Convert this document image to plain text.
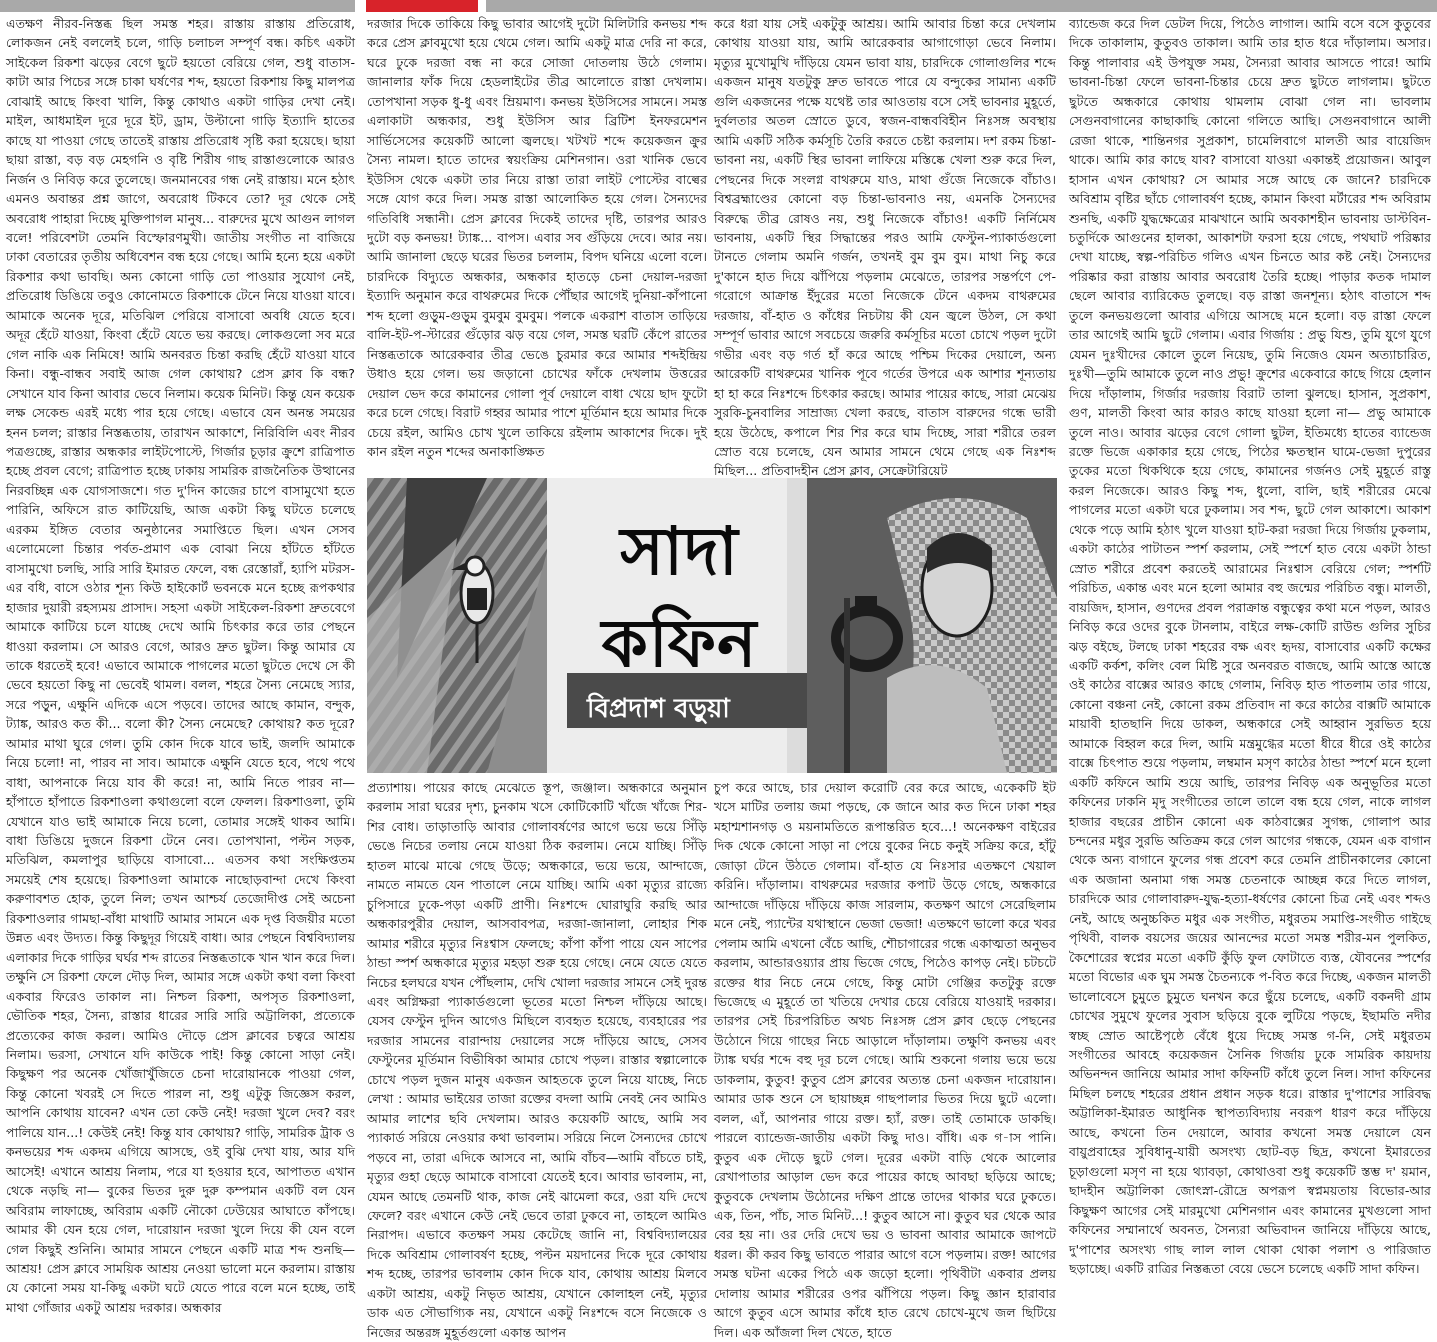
এতক্ষণ নীরব-নিস্তব্ধ ছিল সমস্ত শহর। রাস্তায় রাস্তায় প্রতিরোধ, লোকজন নেই বললেই চলে, গাড়ি চলাচল সম্পূর্ণ বন্ধ। কচিৎ একটা সাইকেল রিকশা ঝড়ের বেগে ছুটে হয়তো বেরিয়ে গেল, শুধু বাতাস-কাটা আর পিচের সঙ্গে চাকা ঘর্ষণের শব্দ, হয়তো রিকশায় কিছু মালপত্র বোঝাই আছে কিংবা খালি, কিন্তু কোথাও একটা গাড়ির দেখা নেই। মাইল, আধমাইল দূরে দূরে ইট, ড্রাম, উল্টানো গাড়ি ইত্যাদি হাতের কাছে যা পাওয়া গেছে তাতেই রাস্তায় প্রতিরোধ সৃষ্টি করা হয়েছে। ছায়া ছায়া রাস্তা, বড় বড় মেহগনি ও বৃষ্টি শিরীষ গাছ রাস্তাগুলোকে আরও নির্জন ও নিবিড় করে তুলেছে। জনমানবের গন্ধ নেই রাস্তায়। মনে হঠাৎ এমনও অবান্তর প্রশ্ন জাগে, অবরোধ টিকবে তো? দূর থেকে সেই অবরোধ পাহারা দিচ্ছে মুক্তিপাগল মানুষ... বারুদের মুখে আগুন লাগল বলে! পরিবেশটা তেমনি বিস্ফোরণমুখী। জাতীয় সংগীত না বাজিয়ে ঢাকা বেতারের তৃতীয় অধিবেশন বন্ধ হয়ে গেছে। আমি হন্যে হয়ে একটা রিকশার কথা ভাবছি। অন্য কোনো গাড়ি তো পাওয়ার সুযোগ নেই, প্রতিরোধ ডিঙিয়ে তবুও কোনোমতে রিকশাকে টেনে নিয়ে যাওয়া যাবে। আমাকে অনেক দূরে, মতিঝিল পেরিয়ে বাসাবো অবধি যেতে হবে। অদূর হেঁটে যাওয়া, কিংবা হেঁটে যেতে ভয় করছে। লোকগুলো সব মরে গেল নাকি এক নিমিষে! আমি অনবরত চিন্তা করছি হেঁটে যাওয়া যাবে কিনা। বন্ধু-বান্ধব সবাই আজ গেল কোথায়? প্রেস ক্লাব কি বন্ধ? সেখানে যাব কিনা আবার ভেবে নিলাম। কয়েক মিনিট। কিন্তু যেন কয়েক লক্ষ সেকেন্ড এরই মধ্যে পার হয়ে গেছে। এভাবে যেন অনন্ত সময়ের হনন চলল; রাস্তার নিস্তব্ধতায়, তারাখন আকাশে, নিরিবিলি এবং নীরব পত্রগুচ্ছে, রাস্তার অন্ধকার লাইটপোস্টে, গির্জার চূড়ার ক্রুশে রাত্রিপাত হচ্ছে প্রবল বেগে; রাত্রিপাত হচ্ছে ঢাকায় সামরিক রাজনৈতিক উত্থানের নিরবচ্ছিন্ন এক যোগসাজশে। গত দু'দিন কাজের চাপে বাসামুখো হতে পারিনি, অফিসে রাত কাটিয়েছি, আজ একটা কিছু ঘটতে চলেছে এরকম ইঙ্গিত বেতার অনুষ্ঠানের সমাপ্তিতে ছিল। এখন সেসব এলোমেলো চিন্তার পর্বত-প্রমাণ এক বোঝা নিয়ে হাঁটতে হাঁটতে বাসামুখো চলছি, সারি সারি ইমারত ফেলে, বন্ধ রেস্তোরাঁ, হ্যাপি মটরস-এর বধি, বাসে ওঠার শূন্য কিউ হাইকোর্ট ভবনকে মনে হচ্ছে রূপকথার হাজার দুয়ারী রহস্যময় প্রাসাদ। সহসা একটা সাইকেল-রিকশা দ্রুতবেগে আমাকে কাটিয়ে চলে যাচ্ছে দেখে আমি চিৎকার করে তার পেছনে ধাওয়া করলাম। সে আরও বেগে, আরও দ্রুত ছুটল। কিন্তু আমার যে তাকে ধরতেই হবে! এভাবে আমাকে পাগলের মতো ছুটতে দেখে সে কী ভেবে হয়তো কিছু না ভেবেই থামল। বলল, শহরে সৈন্য নেমেছে স্যার, সরে পড়ুন, এক্ষুনি এদিকে এসে পড়বে। তাদের আছে কামান, বন্দুক, ট্যাঙ্ক, আরও কত কী... বলো কী? সৈন্য নেমেছে? কোথায়? কত দূরে? আমার মাথা ঘুরে গেল। তুমি কোন দিকে যাবে ভাই, জলদি আমাকে নিয়ে চলো! না, পারব না সাব। আমাকে এক্ষুনি যেতে হবে, পথে পথে বাধা, আপনাকে নিয়ে যাব কী করে! না, আমি নিতে পারব না— হাঁপাতে হাঁপাতে রিকশাওলা কথাগুলো বলে ফেলল। রিকশাওলা, তুমি যেখানে যাও ভাই আমাকে নিয়ে চলো, তোমার সঙ্গেই থাকব আমি। বাধা ডিঙিয়ে দুজনে রিকশা টেনে নেব। তোপখানা, পল্টন সড়ক, মতিঝিল, কমলাপুর ছাড়িয়ে বাসাবো... এতসব কথা সংক্ষিপ্ততম সময়েই শেষ হয়েছে। রিকশাওলা আমাকে নাছোড়বান্দা দেখে কিংবা করুণাবশত হোক, তুলে নিল; তখন আশ্চর্য তেজোদীপ্ত সেই অচেনা রিকশাওলার গামছা-বাঁধা মাথাটি আমার সামনে এক দৃপ্ত বিজয়ীর মতো উন্নত এবং উদ্যত। কিন্তু কিছুদূর গিয়েই বাধা। আর পেছনে বিশ্ববিদ্যালয় এলাকার দিকে গাড়ির ঘর্ঘর শব্দ রাতের নিস্তব্ধতাকে খান খান করে দিল। তক্ষুনি সে রিকশা ফেলে দৌড় দিল, আমার সঙ্গে একটা কথা বলা কিংবা একবার ফিরেও তাকাল না। নিশ্চল রিকশা, অপসৃত রিকশাওলা, ভৌতিক শহর, সৈন্য, রাস্তার ধারের সারি সারি অট্টালিকা, প্রত্যেকে প্রত্যেকের কাজ করল। আমিও দৌড়ে প্রেস ক্লাবের চত্বরে আশ্রয় নিলাম। ভরসা, সেখানে যদি কাউকে পাই! কিন্তু কোনো সাড়া নেই। কিছুক্ষণ পর অনেক খোঁজাখুঁজিতে চেনা দারোয়ানকে পাওয়া গেল, কিন্তু কোনো খবরই সে দিতে পারল না, শুধু এটুকু জিজ্ঞেস করল, আপনি কোথায় যাবেন? এখন তো কেউ নেই! দরজা খুলে দেব? বরং পালিয়ে যান...! কেউই নেই! কিন্তু যাব কোথায়? গাড়ি, সামরিক ট্রাক ও কনভয়ের শব্দ একদম এগিয়ে আসছে, ওই বুঝি দেখা যায়, আর যদি আসেই! এখানে আশ্রয় নিলাম, পরে যা হওয়ার হবে, আপাতত এখান থেকে নড়ছি না— বুকের ভিতর দুরু দুরু কম্পমান একটি বল যেন অবিরাম লাফাচ্ছে, অবিরাম একটি নৌকো ঢেউয়ের আঘাতে কাঁপছে। আমার কী যেন হয়ে গেল, দারোয়ান দরজা খুলে দিয়ে কী যেন বলে গেল কিছুই শুনিনি। আমার সামনে পেছনে একটি মাত্র শব্দ শুনছি—আশ্রয়! প্রেস ক্লাবে সাময়িক আশ্রয় নেওয়া ভালো মনে করলাম। রাস্তায় যে কোনো সময় যা-কিছু একটা ঘটে যেতে পারে বলে মনে হচ্ছে, তাই মাথা গোঁজার একটু আশ্রয় দরকার। অন্ধকার

দরজার দিকে তাকিয়ে কিছু ভাবার আগেই দুটো মিলিটারি কনভয় শব্দ করে প্রেস ক্লাবমুখো হয়ে থেমে গেল। আমি একটু মাত্র দেরি না করে, ঘরে ঢুকে দরজা বন্ধ না করে সোজা দোতলায় উঠে গেলাম। জানালার ফাঁক দিয়ে হেডলাইটের তীব্র আলোতে রাস্তা দেখলাম। তোপখানা সড়ক ধু-ধু এবং ম্রিয়মাণ। কনভয় ইউসিসের সামনে। সমস্ত এলাকাটা অন্ধকার, শুধু ইউসিস আর ব্রিটিশ ইনফরমেশন সার্ভিসেসের কয়েকটি আলো জ্বলছে। খটখট শব্দে কয়েকজন ক্রুর সৈন্য নামল। হাতে তাদের স্বয়ংক্রিয় মেশিনগান। ওরা খানিক ভেবে ইউসিস থেকে একটা তার নিয়ে রাস্তা তারা লাইট পোস্টের বাল্বের সঙ্গে যোগ করে দিল। সমস্ত রাস্তা আলোকিত হয়ে গেল। সৈন্যদের গতিবিধি সন্ধানী। প্রেস ক্লাবের দিকেই তাদের দৃষ্টি, তারপর আরও দুটো বড় কনভয়! ট্যাঙ্ক... বাপস। এবার সব গুঁড়িয়ে দেবে। আর নয়। আমি জানালা ছেড়ে ঘরের ভিতর চললাম, বিপদ ঘনিয়ে এলো বলে। চারদিকে বিদ্যুতে অন্ধকার, অন্ধকার হাতড়ে চেনা দেয়াল-দরজা ইত্যাদি অনুমান করে বাথরুমের দিকে পৌঁছার আগেই দুনিয়া-কাঁপানো শব্দ হলো গুড়ুম-গুড়ুম বুমবুম বুমবুম। পলকে একরাশ বাতাস তাড়িয়ে বালি-ইট-প-স্টারের গুঁড়োর ঝড় বয়ে গেল, সমস্ত ঘরটি কেঁপে রাতের নিস্তব্ধতাকে আরেকবার তীব্র ভেঙে চুরমার করে আমার শব্দইন্দ্রিয় উধাও হয়ে গেল। ভয় জড়ানো চোখের ফাঁকে দেখলাম উত্তরের দেয়াল ভেদ করে কামানের গোলা পূর্ব দেয়ালে বাধা খেয়ে ছাদ ফুটো করে চলে গেছে। বিরাট গহ্বর আমার পাশে মূর্তিমান হয়ে আমার দিকে চেয়ে রইল, আমিও চোখ খুলে তাকিয়ে রইলাম আকাশের দিকে। দুই কান রইল নতুন শব্দের অনাকাঙ্ক্ষিত

করে ধরা যায় সেই একটুকু আশ্রয়। আমি আবার চিন্তা করে দেখলাম কোথায় যাওয়া যায়, আমি আরেকবার আগাগোড়া ভেবে নিলাম। মৃত্যুর মুখোমুখি দাঁড়িয়ে যেমন ভাবা যায়, চারদিকে গোলাগুলির শব্দে একজন মানুষ যতটুকু দ্রুত ভাবতে পারে যে বন্দুকের সামান্য একটি গুলি একজনের পক্ষে যথেষ্ট তার আওতায় বসে সেই ভাবনার মুহূর্তে, দুর্বলতার অতল স্রোতে ডুবে, স্বজন-বান্ধববিহীন নিঃসঙ্গ অবস্থায় আমি একটি সঠিক কর্মসূচি তৈরি করতে চেষ্টা করলাম। দশ রকম চিন্তা-ভাবনা নয়, একটি স্থির ভাবনা লাফিয়ে মস্তিষ্কে খেলা শুরু করে দিল, পেছনের দিকে সংলগ্ন বাথরুমে যাও, মাথা গুঁজে নিজেকে বাঁচাও। বিশ্বব্রহ্মাণ্ডের কোনো বড় চিন্তা-ভাবনাও নয়, এমনকি সৈন্যদের বিরুদ্ধে তীব্র রোষও নয়, শুধু নিজেকে বাঁচাও! একটি নির্নিমেষ ভাবনায়, একটি স্থির সিদ্ধান্তের পরও আমি ফেস্টুন-প্যাকার্ডগুলো টানতে গেলাম অমনি গর্জন, তখনই বুম বুম বুম। মাথা নিচু করে দু'কানে হাত দিয়ে ঝাঁপিয়ে পড়লাম মেঝেতে, তারপর সন্তর্পণে পে-গরোগে আক্রান্ত ইঁদুরের মতো নিজেকে টেনে একদম বাথরুমের দরজায়, বাঁ-হাত ও কাঁধের নিচটায় কী যেন জ্বলে উঠল, সে কথা সম্পূর্ণ ভাবার আগে সবচেয়ে জরুরি কর্মসূচির মতো চোখে পড়ল দুটো গভীর এবং বড় গর্ত হাঁ করে আছে পশ্চিম দিকের দেয়ালে, অন্য আরেকটি বাথরুমের খানিক পূবে গর্তের উপরে এক আশার শূন্যতায় হা হা করে নিঃশব্দে চিৎকার করছে। আমার পায়ের কাছে, সারা মেঝেয় সুরকি-চুনবালির সাম্রাজ্য খেলা করছে, বাতাস বারুদের গন্ধে ভারী হয়ে উঠেছে, কপালে শির শির করে ঘাম দিচ্ছে, সারা শরীরে তরল স্রোত বয়ে চলেছে, যেন আমার সামনে থেমে গেছে এক নিঃশব্দ মিছিল... প্রতিবাদহীন প্রেস ক্লাব, সেক্রেটারিয়েট

ব্যান্ডেজ করে দিল ডেটল দিয়ে, পিঠেও লাগাল। আমি বসে বসে কুতুবের দিকে তাকালাম, কুতুবও তাকাল। আমি তার হাত ধরে দাঁড়ালাম। অসার। কিন্তু পালাবার এই উপযুক্ত সময়, সৈন্যরা আবার আসতে পারে! আমি ভাবনা-চিন্তা ফেলে ভাবনা-চিন্তার চেয়ে দ্রুত ছুটতে লাগলাম। ছুটতে ছুটতে অন্ধকারে কোথায় থামলাম বোঝা গেল না। ভাবলাম সেগুনবাগানের কাছাকাছি কোনো গলিতে আছি। সেগুনবাগানে আলী রেজা থাকে, শান্তিনগর সুপ্রকাশ, চামেলিবাগে মালতী আর বায়েজিদ থাকে। আমি কার কাছে যাব? বাসাবো যাওয়া একান্তই প্রয়োজন। আবুল হাসান এখন কোথায়? সে আমার সঙ্গে আছে কে জানে? চারদিকে অবিশ্রাম বৃষ্টির ছাঁচে গোলাবর্ষণ হচ্ছে, কামান কিংবা মর্টারের শব্দ অবিরাম শুনছি, একটি যুদ্ধক্ষেত্রের মাঝখানে আমি অবকাশহীন ভাবনায় ডাস্টবিন-চতুর্দিকে আগুনের হালকা, আকাশটা ফরসা হয়ে গেছে, পথঘাট পরিষ্কার দেখা যাচ্ছে, স্বল্প-পরিচিত গলিও এখন চিনতে আর কষ্ট নেই। সৈন্যদের পরিষ্কার করা রাস্তায় আবার অবরোধ তৈরি হচ্ছে। পাড়ার কতক দামাল ছেলে আবার ব্যারিকেড তুলছে। বড় রাস্তা জনশূন্য। হঠাৎ বাতাসে শব্দ তুলে কনভয়গুলো আবার এগিয়ে আসছে মনে হলো। বড় রাস্তা ফেলে তার আগেই আমি ছুটে গেলাম। এবার গির্জায় : প্রভু যিশু, তুমি যুগে যুগে যেমন দুঃখীদের কোলে তুলে নিয়েছ, তুমি নিজেও যেমন অত্যাচারিত, দুঃখী—তুমি আমাকে তুলে নাও প্রভু! ক্রুশের একেবারে কাছে গিয়ে হেলান দিয়ে দাঁড়ালাম, গির্জার দরজায় বিরাট তালা ঝুলছে। হাসান, সুপ্রকাশ, গুণ, মালতী কিংবা আর কারও কাছে যাওয়া হলো না— প্রভু আমাকে তুলে নাও। আবার ঝড়ের বেগে গোলা ছুটল, ইতিমধ্যে হাতের ব্যান্ডেজ রক্তে ভিজে একাকার হয়ে গেছে, পিঠের ক্ষতস্থান ঘামে-ভেজা দুপুরের তুকের মতো থিকথিকে হয়ে গেছে, কামানের গর্জনও সেই মুহূর্তে রাস্তু করল নিজেকে। আরও কিছু শব্দ, ধুলো, বালি, ছাই শরীরের মেঝে পাগলের মতো একটা ঘরে ঢুকলাম। সব শব্দ, ছুটে গেল আকাশে। আকাশ থেকে পড়ে আমি হঠাৎ খুলে যাওয়া হাট-করা দরজা দিয়ে গির্জায় ঢুকলাম, একটা কাঠের পাটাতন স্পর্শ করলাম, সেই স্পর্শে হাত বেয়ে একটা ঠান্ডা স্রোত শরীরে প্রবেশ করতেই আরামের নিঃশ্বাস বেরিয়ে গেল; স্পর্শটি পরিচিত, একান্ত এবং মনে হলো আমার বহু জন্মের পরিচিত বন্ধু। মালতী, বায়জিদ, হাসান, গুণদের প্রবল পরাক্রান্ত বন্ধুত্বের কথা মনে পড়ল, আরও নিবিড় করে ওদের বুকে টানলাম, বাইরে লক্ষ-কোটি রাউন্ড গুলির সুচির ঝড় বইছে, টলছে ঢাকা শহরের বক্ষ এবং হৃদয়, বাসাবোর একটি কক্ষের একটি কর্কশ, কলিং বেল মিষ্টি সুরে অনবরত বাজছে, আমি আস্তে আস্তে ওই কাঠের বাক্সের আরও কাছে গেলাম, নিবিড় হাত পাতলাম তার গায়ে, কোনো বঞ্চনা নেই, কোনো রকম প্রতিবাদ না করে কাঠের বাক্সটি আমাকে মায়াবী হাতছানি দিয়ে ডাকল, অন্ধকারে সেই আহ্বান সুরভিত হয়ে আমাকে বিহ্বল করে দিল, আমি মন্ত্রমুগ্ধের মতো ধীরে ধীরে ওই কাঠের বাক্সে চিৎপাত শুয়ে পড়লাম, লম্বমান মসৃণ কাঠের ঠান্ডা স্পর্শে মনে হলো একটি কফিনে আমি শুয়ে আছি, তারপর নিবিড় এক অনুভূতির মতো কফিনের ঢাকনি মৃদু সংগীতের তালে তালে বন্ধ হয়ে গেল, নাকে লাগল হাজার বছরের প্রাচীন কোনো এক কাঠবাক্সের সুগন্ধ, গোলাপ আর চন্দনের মধুর সুরভি অতিক্রম করে গেল আগের গন্ধকে, যেমন এক বাগান থেকে অন্য বাগানে ফুলের গন্ধ প্রবেশ করে তেমনি প্রাচীনকালের কোনো এক অজানা অনামা গন্ধ সমস্ত চেতনাকে আচ্ছন্ন করে দিতে লাগল, চারদিকে আর গোলাবারুদ-যুদ্ধ-হত্যা-ধর্ষণের কোনো চিত্র নেই এবং শব্দও নেই, আছে অনুচ্চকিত মধুর এক সংগীত, মধুরতম সমাপ্তি-সংগীত গাইছে পৃথিবী, বালক বয়সের জয়ের আনন্দের মতো সমস্ত শরীর-মন পুলকিত, কৈশোরের স্বপ্নের মতো একটি কুঁড়ি ফুল ফোটাতে ব্যস্ত, যৌবনের স্পর্শের মতো বিভোর এক ঘুম সমস্ত চৈতন্যকে প-বিত করে দিচ্ছে, একজন মালতী ভালোবেসে চুমুতে চুমুতে ঘনখন করে ছুঁয়ে চলেছে, একটি বকনদী গ্রাম চোখের সুমুখে ফুলের সুবাস ছড়িয়ে বুকে লুটিয়ে পড়ছে, ইছামতি নদীর স্বচ্ছ স্রোত আষ্টেপৃষ্ঠে বেঁধে ধুয়ে দিচ্ছে সমস্ত গ-নি, সেই মধুরতম সংগীতের আবহে কয়েকজন সৈনিক গির্জায় ঢুকে সামরিক কায়দায় অভিনন্দন জানিয়ে আমার সাদা কফিনটি কাঁধে তুলে নিল। সাদা কফিনের মিছিল চলছে শহরের প্রধান প্রধান সড়ক ধরে। রাস্তার দু'পাশের সারিবদ্ধ অট্টালিকা-ইমারত আধুনিক স্থাপত্যবিদ্যায় নবরূপ ধারণ করে দাঁড়িয়ে আছে, কখনো তিন দেয়ালে, আবার কখনো সমস্ত দেয়ালে যেন বায়ুপ্রবাহের সুবিধানু-যায়ী অসংখ্য ছোট-বড় ছিদ্র, কখনো ইমারতের চূড়াগুলো মসৃণ না হয়ে থ্যাবড়া, কোথাওবা শুধু কয়েকটি স্তম্ভ দ' য়মান, ছাদহীন অট্টালিকা জোৎস্না-রৌদ্রে অপরূপ স্বপ্নময়তায় বিভোর-আর কিছুক্ষণ আগের সেই মারমুখো মেশিনগান এবং কামানের মুখগুলো সাদা কফিনের সম্মানার্থে অবনত, সৈন্যরা অভিবাদন জানিয়ে দাঁড়িয়ে আছে, দু'পাশের অসংখ্য গাছ লাল লাল থোকা থোকা পলাশ ও পারিজাত ছড়াচ্ছে। একটি রাত্রির নিস্তব্ধতা বেয়ে ভেসে চলেছে একটি সাদা কফিন।

সাদা
কফিন
বিপ্রদাশ বড়ুয়া

প্রত্যাশায়। পায়ের কাছে মেঝেতে স্তূপ, জঞ্জাল। অন্ধকারে অনুমান করলাম সারা ঘরের দৃশ্য, চুনকাম খসে কোটিকোটি খাঁজে খাঁজে শির-শির বোধ। তাড়াতাড়ি আবার গোলাবর্ষণের আগে ভয়ে ভয়ে সিঁড়ি ভেঙে নিচের তলায় নেমে যাওয়া ঠিক করলাম। নেমে যাচ্ছি। সিঁড়ি হাতল মাঝে মাঝে গেছে উড়ে; অন্ধকারে, ভয়ে ভয়ে, আন্দাজে, নামতে নামতে যেন পাতালে নেমে যাচ্ছি। আমি একা মৃত্যুর রাজ্যে চুপিসারে ঢুকে-পড়া একটি প্রাণী। নিঃশব্দে ঘোরাঘুরি করছি আর অন্ধকারপুরীর দেয়াল, আসবাবপত্র, দরজা-জানালা, লোহার শিক আমার শরীরে মৃত্যুর নিঃশ্বাস ফেলছে; কাঁপা কাঁপা পায়ে যেন সাপের ঠান্ডা স্পর্শ অন্ধকারে মৃত্যুর মহড়া শুরু হয়ে গেছে। নেমে যেতে যেতে নিচের হলঘরে যখন পৌঁছলাম, দেখি খোলা দরজার সামনে সেই দুরন্ত এবং অগ্নিক্ষরা প্যাকার্ডগুলো ভূতের মতো নিশ্চল দাঁড়িয়ে আছে। যেসব ফেস্টুন দুদিন আগেও মিছিলে ব্যবহৃত হয়েছে, ব্যবহারের পর দরজার সামনের বারান্দায় দেয়ালের সঙ্গে দাঁড়িয়ে আছে, সেসব ফেস্টুনের মূর্তিমান বিভীষিকা আমার চোখে পড়ল। রাস্তার স্বল্পালোকে চোখে পড়ল দুজন মানুষ একজন আহতকে তুলে নিয়ে যাচ্ছে, নিচে লেখা : আমার ভাইয়ের তাজা রক্তের বদলা আমি নেবই নেব আমিও আমার লাশের ছবি দেখলাম। আরও কয়েকটি আছে, আমি সব প্যাকার্ড সরিয়ে নেওয়ার কথা ভাবলাম। সরিয়ে নিলে সৈন্যদের চোখে পড়বে না, তারা এদিকে আসবে না, আমি বাঁচব—আমি বাঁচতে চাই, মৃত্যুর গুহা ছেড়ে আমাকে বাসাবো যেতেই হবে। আবার ভাবলাম, না, যেমন আছে তেমনটি থাক, কাজ নেই ঝামেলা করে, ওরা যদি দেখে ফেলে? বরং এখানে কেউ নেই ভেবে তারা ঢুকবে না, তাহলে আমিও নিরাপদ। এভাবে কতক্ষণ সময় কেটেছে জানি না, বিশ্ববিদ্যালয়ের দিকে অবিশ্রাম গোলাবর্ষণ হচ্ছে, পল্টন ময়দানের দিকে দূরে কোথায় শব্দ হচ্ছে, তারপর ভাবলাম কোন দিকে যাব, কোথায় আশ্রয় মিলবে একটা আশ্রয়, একটু নিভৃত আশ্রয়, যেখানে কোলাহল নেই, মৃত্যুর ডাক এত সৌভাগ্যিক নয়, যেখানে একটু নিঃশব্দে বসে নিজেকে ও নিজের অন্তরঙ্গ মুহূর্তগুলো একান্ত আপন

চুপ করে আছে, চার দেয়াল করোটি বের করে আছে, একেকটি ইট খসে মাটির তলায় জমা পড়ছে, কে জানে আর কত দিনে ঢাকা শহর মহাশ্মশানগড় ও ময়নামতিতে রূপান্তরিত হবে...! অনেকক্ষণ বাইরের দিক থেকে কোনো সাড়া না পেয়ে বুকের নিচে কনুই সক্রিয় করে, হাঁটু জোড়া টেনে উঠতে গেলাম। বাঁ-হাত যে নিঃসার এতক্ষণে খেয়াল করিনি। দাঁড়ালাম। বাথরুমের দরজার কপাট উড়ে গেছে, অন্ধকারে আন্দাজে দাঁড়িয়ে দাঁড়িয়ে কাজ সারলাম, কতক্ষণ আগে সেরেছিলাম মনে নেই, প্যান্টের যথাস্থানে ভেজা ভেজা! এতক্ষণে ভালো করে খবর পেলাম আমি এখনো বেঁচে আছি, শৌচাগারের গন্ধে একাত্মতা অনুভব করলাম, আন্ডারওয়্যার প্রায় ভিজে গেছে, পিঠেও কাপড় নেই। চটচটে রক্তের ধার নিচে নেমে গেছে, কিন্তু মোটা গেঞ্জির কতটুকু রক্তে ভিজেছে এ মুহূর্তে তা খতিয়ে দেখার চেয়ে বেরিয়ে যাওয়াই দরকার। তারপর সেই চিরপরিচিত অথচ নিঃসঙ্গ প্রেস ক্লাব ছেড়ে পেছনের উঠোনে গিয়ে গাছের নিচে আড়ালে দাঁড়ালাম। তক্ষুণি কনভয় এবং ট্যাঙ্ক ঘর্ঘর শব্দে বহু দূর চলে গেছে। আমি শুকনো গলায় ভয়ে ভয়ে ডাকলাম, কুতুব! কুতুব প্রেস ক্লাবের অত্যন্ত চেনা একজন দারোয়ান। আমার ডাক শুনে সে ছায়াচ্ছন্ন গাছপালার ভিতর দিয়ে ছুটে এলো। বলল, এাঁ, আপনার গায়ে রক্ত। হ্যাঁ, রক্ত। তাই তোমাকে ডাকছি। পারলে ব্যান্ডেজ-জাতীয় একটা কিছু দাও। বাঁধি। এক গ-াস পানি। কুতুব এক দৌড়ে ছুটে গেল। দূরের একটা বাড়ি থেকে আলোর রেখাপাতার আড়াল ভেদ করে পায়ের কাছে আবছা ছড়িয়ে আছে; কুতুবকে দেখলাম উঠোনের দক্ষিণ প্রান্তে তাদের থাকার ঘরে ঢুকতে। এক, তিন, পাঁচ, সাত মিনিট...! কুতুব আসে না। কুতুব ঘর থেকে আর বের হয় না। ওর দেরি দেখে ভয় ও ভাবনা আবার আমাকে জাপটে ধরল। কী করব কিছু ভাবতে পারার আগে বসে পড়লাম। রক্ত! আগের সমস্ত ঘটনা একের পিঠে এক জড়ো হলো। পৃথিবীটা একবার প্রলয় দোলায় আমার শরীরের ওপর ঝাঁপিয়ে পড়ল। কিছু জ্ঞান হারাবার আগে কুতুব এসে আমার কাঁধে হাত রেখে চোখে-মুখে জল ছিটিয়ে দিল। এক আঁজলা দিল খেতে, হাতে
